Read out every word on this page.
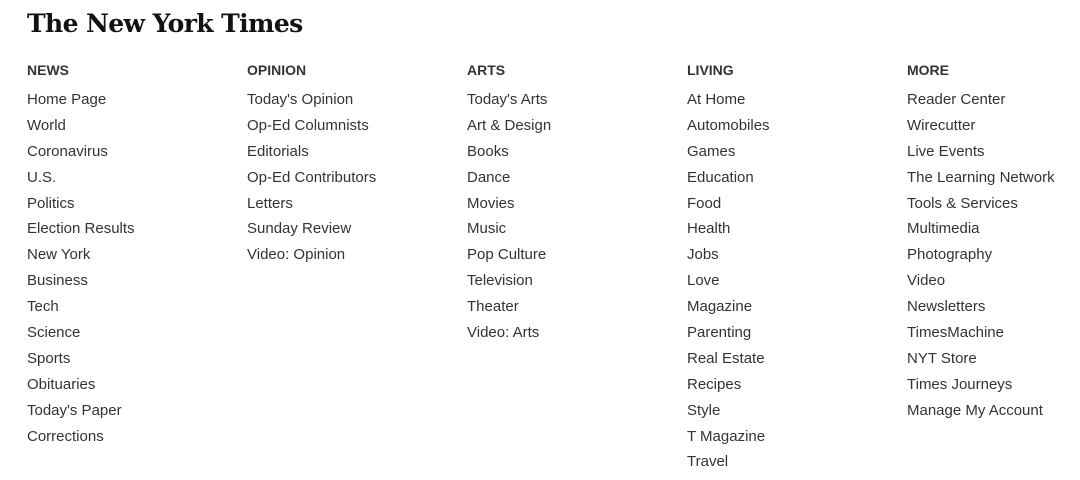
The New York Times
NEWS
Home Page
World
Coronavirus
U.S.
Politics
Election Results
New York
Business
Tech
Science
Sports
Obituaries
Today's Paper
Corrections
OPINION
Today's Opinion
Op-Ed Columnists
Editorials
Op-Ed Contributors
Letters
Sunday Review
Video: Opinion
ARTS
Today's Arts
Art & Design
Books
Dance
Movies
Music
Pop Culture
Television
Theater
Video: Arts
LIVING
At Home
Automobiles
Games
Education
Food
Health
Jobs
Love
Magazine
Parenting
Real Estate
Recipes
Style
T Magazine
Travel
MORE
Reader Center
Wirecutter
Live Events
The Learning Network
Tools & Services
Multimedia
Photography
Video
Newsletters
TimesMachine
NYT Store
Times Journeys
Manage My Account
